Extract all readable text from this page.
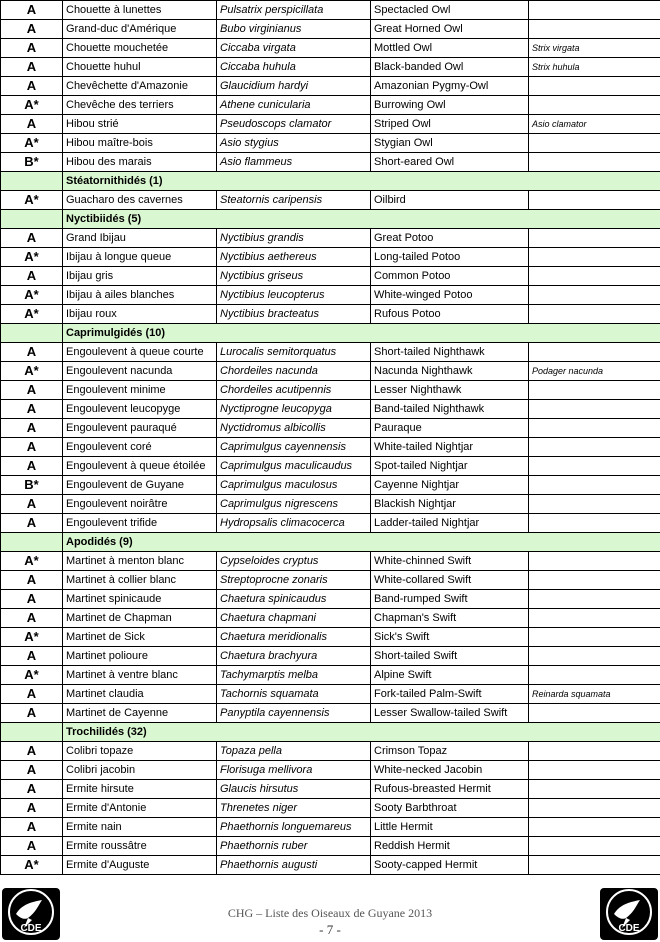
A	Chouette à lunettes	Pulsatrix perspicillata	Spectacled Owl	
A	Grand-duc d'Amérique	Bubo virginianus	Great Horned Owl	
A	Chouette mouchetée	Ciccaba virgata	Mottled Owl	Strix virgata
A	Chouette huhul	Ciccaba huhula	Black-banded Owl	Strix huhula
A	Chevêchette d'Amazonie	Glaucidium hardyi	Amazonian Pygmy-Owl	
A*	Chevêche des terriers	Athene cunicularia	Burrowing Owl	
A	Hibou strié	Pseudoscops clamator	Striped Owl	Asio clamator
A*	Hibou maître-bois	Asio stygius	Stygian Owl	
B*	Hibou des marais	Asio flammeus	Short-eared Owl	
	Stéatornithidés (1)			
A*	Guacharo des cavernes	Steatornis caripensis	Oilbird	
	Nyctibiidés (5)			
A	Grand Ibijau	Nyctibius grandis	Great Potoo	
A*	Ibijau à longue queue	Nyctibius aethereus	Long-tailed Potoo	
A	Ibijau gris	Nyctibius griseus	Common Potoo	
A*	Ibijau à ailes blanches	Nyctibius leucopterus	White-winged Potoo	
A*	Ibijau roux	Nyctibius bracteatus	Rufous Potoo	
	Caprimulgidés (10)			
A	Engoulevent à queue courte	Lurocalis semitorquatus	Short-tailed Nighthawk	
A*	Engoulevent nacunda	Chordeiles nacunda	Nacunda Nighthawk	Podager nacunda
A	Engoulevent minime	Chordeiles acutipennis	Lesser Nighthawk	
A	Engoulevent leucopyge	Nyctiprogne leucopyga	Band-tailed Nighthawk	
A	Engoulevent pauraqué	Nyctidromus albicollis	Pauraque	
A	Engoulevent coré	Caprimulgus cayennensis	White-tailed Nightjar	
A	Engoulevent à queue étoilée	Caprimulgus maculicaudus	Spot-tailed Nightjar	
B*	Engoulevent de Guyane	Caprimulgus maculosus	Cayenne Nightjar	
A	Engoulevent noirâtre	Caprimulgus nigrescens	Blackish Nightjar	
A	Engoulevent trifide	Hydropsalis climacocerca	Ladder-tailed Nightjar	
	Apodidés (9)			
A*	Martinet à menton blanc	Cypseloides cryptus	White-chinned Swift	
A	Martinet à collier blanc	Streptoprocne zonaris	White-collared Swift	
A	Martinet spinicaude	Chaetura spinicaudus	Band-rumped Swift	
A	Martinet de Chapman	Chaetura chapmani	Chapman's Swift	
A*	Martinet de Sick	Chaetura meridionalis	Sick's Swift	
A	Martinet polioure	Chaetura brachyura	Short-tailed Swift	
A*	Martinet à ventre blanc	Tachymarptis melba	Alpine Swift	
A	Martinet claudia	Tachornis squamata	Fork-tailed Palm-Swift	Reinarda squamata
A	Martinet de Cayenne	Panyptila cayennensis	Lesser Swallow-tailed Swift	
	Trochilidés (32)			
A	Colibri topaze	Topaza pella	Crimson Topaz	
A	Colibri jacobin	Florisuga mellivora	White-necked Jacobin	
A	Ermite hirsute	Glaucis hirsutus	Rufous-breasted Hermit	
A	Ermite d'Antonie	Threnetes niger	Sooty Barbthroat	
A	Ermite nain	Phaethornis longuemareus	Little Hermit	
A	Ermite roussâtre	Phaethornis ruber	Reddish Hermit	
A*	Ermite d'Auguste	Phaethornis augusti	Sooty-capped Hermit	
CDE	CDE
CHG – Liste des Oiseaux de Guyane 2013
- 7 -
